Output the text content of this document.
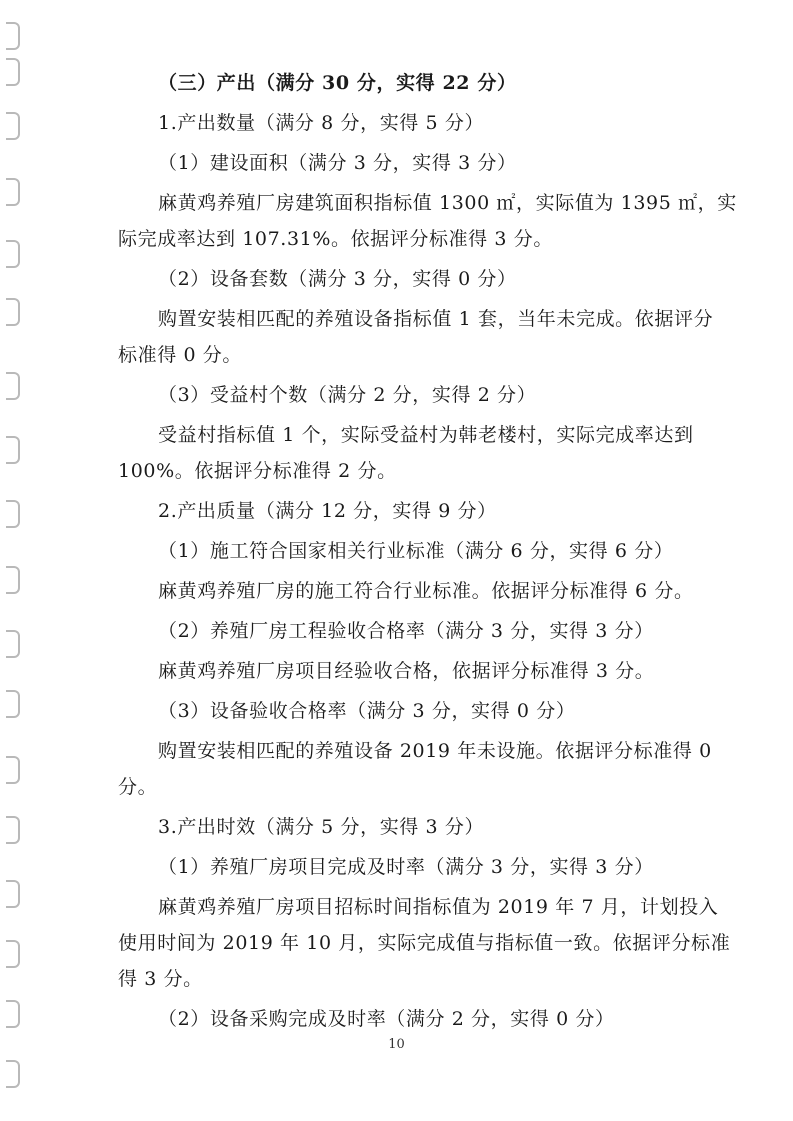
（三）产出（满分 30 分，实得 22 分）
1.产出数量（满分 8 分，实得 5 分）
（1）建设面积（满分 3 分，实得 3 分）
麻黄鸡养殖厂房建筑面积指标值 1300 ㎡，实际值为 1395 ㎡，实
际完成率达到 107.31%。依据评分标准得 3 分。
（2）设备套数（满分 3 分，实得 0 分）
购置安装相匹配的养殖设备指标值 1 套，当年未完成。依据评分
标准得 0 分。
（3）受益村个数（满分 2 分，实得 2 分）
受益村指标值 1 个，实际受益村为韩老楼村，实际完成率达到
100%。依据评分标准得 2 分。
2.产出质量（满分 12 分，实得 9 分）
（1）施工符合国家相关行业标准（满分 6 分，实得 6 分）
麻黄鸡养殖厂房的施工符合行业标准。依据评分标准得 6 分。
（2）养殖厂房工程验收合格率（满分 3 分，实得 3 分）
麻黄鸡养殖厂房项目经验收合格，依据评分标准得 3 分。
（3）设备验收合格率（满分 3 分，实得 0 分）
购置安装相匹配的养殖设备 2019 年未设施。依据评分标准得 0
分。
3.产出时效（满分 5 分，实得 3 分）
（1）养殖厂房项目完成及时率（满分 3 分，实得 3 分）
麻黄鸡养殖厂房项目招标时间指标值为 2019 年 7 月，计划投入
使用时间为 2019 年 10 月，实际完成值与指标值一致。依据评分标准
得 3 分。
（2）设备采购完成及时率（满分 2 分，实得 0 分）
10
